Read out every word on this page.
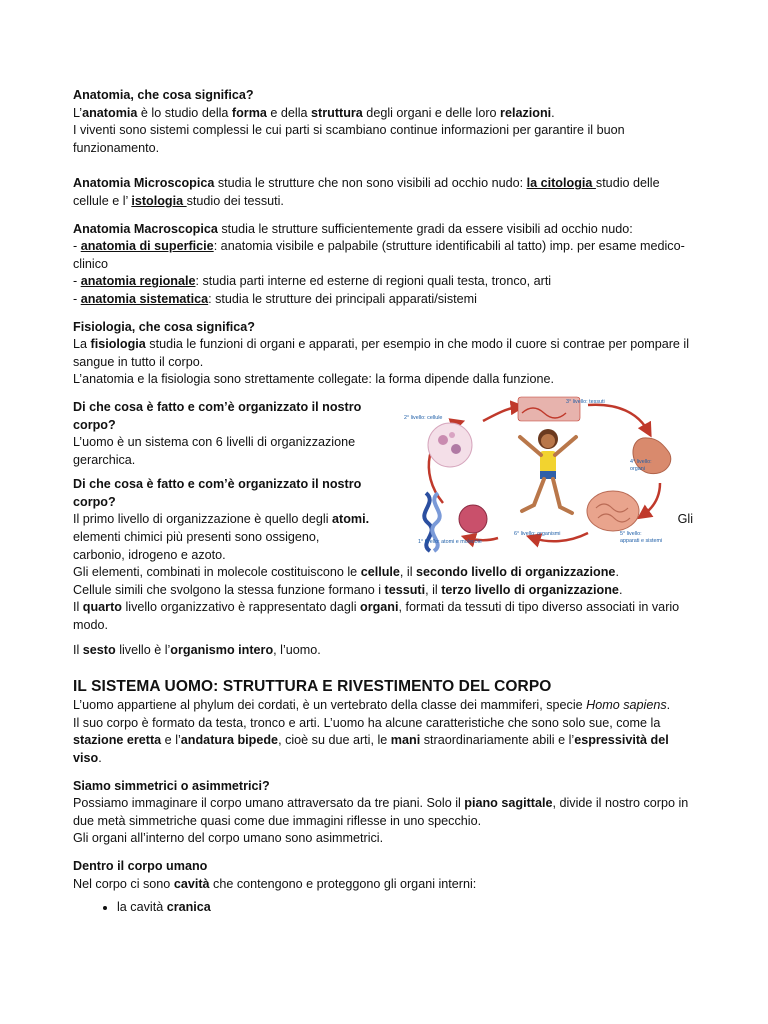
Anatomia, che cosa significa?

L’anatomia è lo studio della forma e della struttura degli organi e delle loro relazioni.

I viventi sono sistemi complessi le cui parti si scambiano continue informazioni per garantire il buon funzionamento.

Anatomia Microscopica studia le strutture che non sono visibili ad occhio nudo: la citologia studio delle cellule e l’ istologia studio dei tessuti.

Anatomia Macroscopica studia le strutture sufficientemente gradi da essere visibili ad occhio nudo:

- anatomia di superficie: anatomia visibile e palpabile (strutture identificabili al tatto) imp. per esame medico-clinico

- anatomia regionale: studia parti interne ed esterne di regioni quali testa, tronco, arti

- anatomia sistematica: studia le strutture dei principali apparati/sistemi

Fisiologia, che cosa significa?

La fisiologia studia le funzioni di organi e apparati, per esempio in che modo il cuore si contrae per pompare il sangue in tutto il corpo.

L’anatomia e la fisiologia sono strettamente collegate: la forma dipende dalla funzione.

2° livello: cellule
3° livello: tessuti
4° livello:
organi
5° livello:
apparati e sistemi
6° livello: organismi
1° livello: atomi e molecole

Di che cosa è fatto e com’è organizzato il nostro corpo?

L’uomo è un sistema con 6 livelli di organizzazione gerarchica.

Di che cosa è fatto e com’è organizzato il nostro corpo?

Il primo livello di organizzazione è quello degli atomi.	Gli

elementi chimici più presenti sono ossigeno, carbonio, idrogeno e azoto.

Gli elementi, combinati in molecole costituiscono le cellule, il secondo livello di organizzazione.

Cellule simili che svolgono la stessa funzione formano i tessuti, il terzo livello di organizzazione.

Il quarto livello organizzativo è rappresentato dagli organi, formati da tessuti di tipo diverso associati in vario modo.

Il sesto livello è l’organismo intero, l’uomo.

IL SISTEMA UOMO: STRUTTURA E RIVESTIMENTO DEL CORPO

L’uomo appartiene al phylum dei cordati, è un vertebrato della classe dei mammiferi, specie Homo sapiens.

Il suo corpo è formato da testa, tronco e arti. L’uomo ha alcune caratteristiche che sono solo sue, come la stazione eretta e l’andatura bipede, cioè su due arti, le mani straordinariamente abili e l’espressività del viso.

Siamo simmetrici o asimmetrici?

Possiamo immaginare il corpo umano attraversato da tre piani. Solo il piano sagittale, divide il nostro corpo in due metà simmetriche quasi come due immagini riflesse in uno specchio.

Gli organi all’interno del corpo umano sono asimmetrici.

Dentro il corpo umano

Nel corpo ci sono cavità che contengono e proteggono gli organi interni:

• la cavità cranica
